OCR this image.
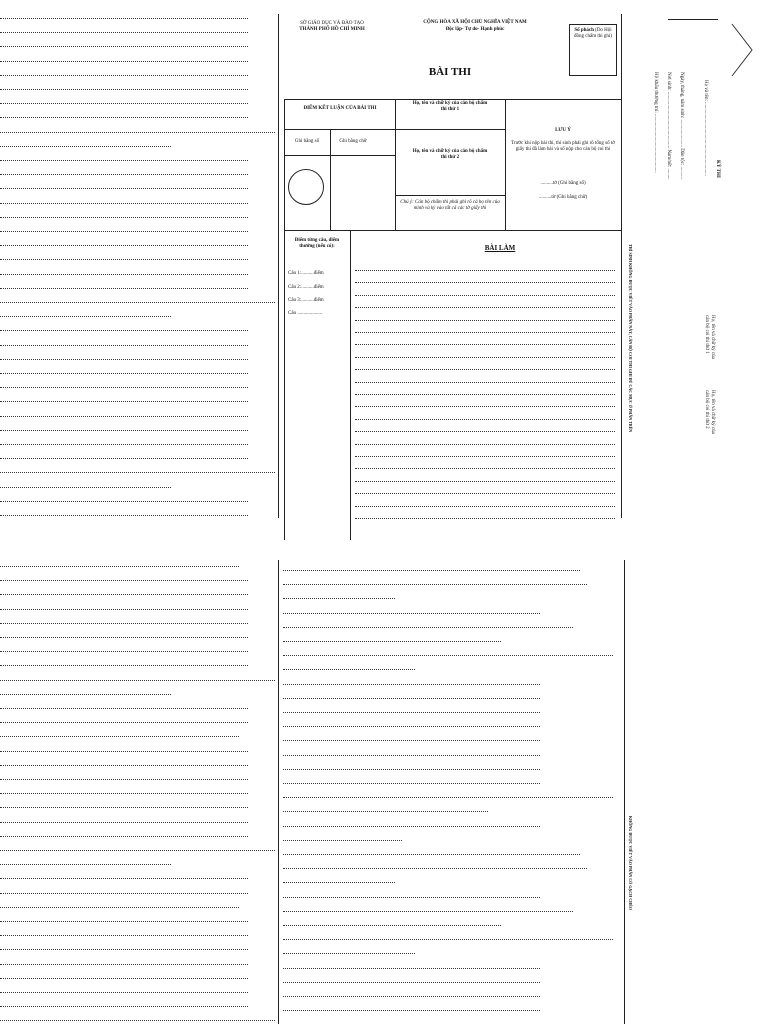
SỞ GIÁO DỤC VÀ ĐÀO TẠO
THÀNH PHỐ HỒ CHÍ MINH
CỘNG HÒA XÃ HỘI CHỦ NGHĨA VIỆT NAM
Độc lập- Tự do- Hạnh phúc	Số phách (Do Hội đồng chấm thi ghi)
BÀI THI
ĐIỂM KẾT LUẬN CỦA BÀI THI
Ghi bằng số	Ghi bằng chữ
Họ, tên và chữ ký của cán bộ chấm thi thứ 1
Họ, tên và chữ ký của cán bộ chấm thi thứ 2
Chú ý: Cán bộ chấm thi phải ghi rõ cả họ tên của mình và ký vào tất cả các tờ giấy thi
LƯU Ý
Trước khi nộp bài thi, thí sinh phải ghi rõ tổng số tờ giấy thi đã làm bài và số nộp cho cán bộ coi thi
..........tờ (Ghi bằng số)
..........tờ (Ghi bằng chữ)
Điểm từng câu, điểm thưởng (nếu có):
Câu 1:..........điểm
Câu 2:..........điểm
Câu 3:..........điểm
Câu ....................
BÀI LÀM	THÍ SINH KHÔNG ĐƯỢC VIẾT VÀO PHẦN NÀY, CÁN BỘ COI THI GHI ĐỦ CÁC MỤC Ở PHẦN TRÊN
KHÔNG ĐƯỢC VIẾT VÀO PHẦN CÓ GẠCH CHÉO
Họ và tên: ...........................................................
Ngày, tháng, năm sinh: ...................... Dân tộc: ..........
Nơi sinh: ............................................. Nam/nữ: .........
Hộ khẩu thường trú: ...............................................	KỲ THI
Họ, tên và chữ ký của cán bộ coi thi thứ 1
Họ, tên và chữ ký của cán bộ coi thi thứ 2
